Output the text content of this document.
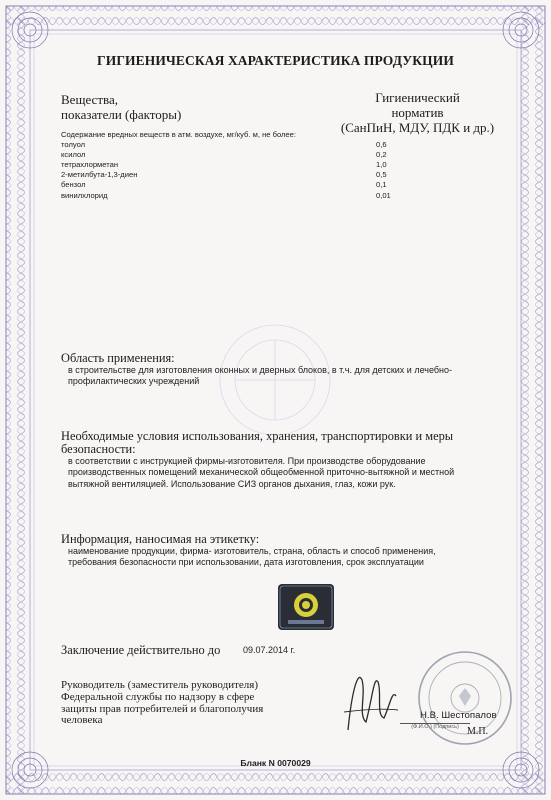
ГИГИЕНИЧЕСКАЯ ХАРАКТЕРИСТИКА ПРОДУКЦИИ
Вещества,
показатели (факторы)
Гигиенический
норматив
(СанПиН, МДУ, ПДК и др.)
Содержание вредных веществ в атм. воздухе, мг/куб. м, не более:
толуол	0,6
ксилол	0,2
тетрахлорметан	1,0
2-метилбута-1,3-диен	0,5
бензол	0,1
винилхлорид	0,01
Область применения:
в строительстве для изготовления оконных и дверных блоков, в т.ч. для детских и лечебно-
профилактических учреждений
Необходимые условия использования, хранения, транспортировки и меры
безопасности:
в соответствии с инструкцией фирмы-изготовителя. При производстве оборудование
производственных помещений механической общеобменной приточно-вытяжной и местной
вытяжной вентиляцией. Использование СИЗ органов дыхания, глаз, кожи рук.
Информация, наносимая на этикетку:
наименование продукции, фирма- изготовитель, страна, область и способ применения,
требования безопасности при использовании, дата изготовления, срок эксплуатации
Заключение действительно до	09.07.2014 г.
Руководитель (заместитель руководителя)
Федеральной службы по надзору в сфере
защиты прав потребителей и благополучия
человека	Н.В. Шестопалов
(Ф.И.О.) (Подпись) М.П.
Бланк N 0070029
